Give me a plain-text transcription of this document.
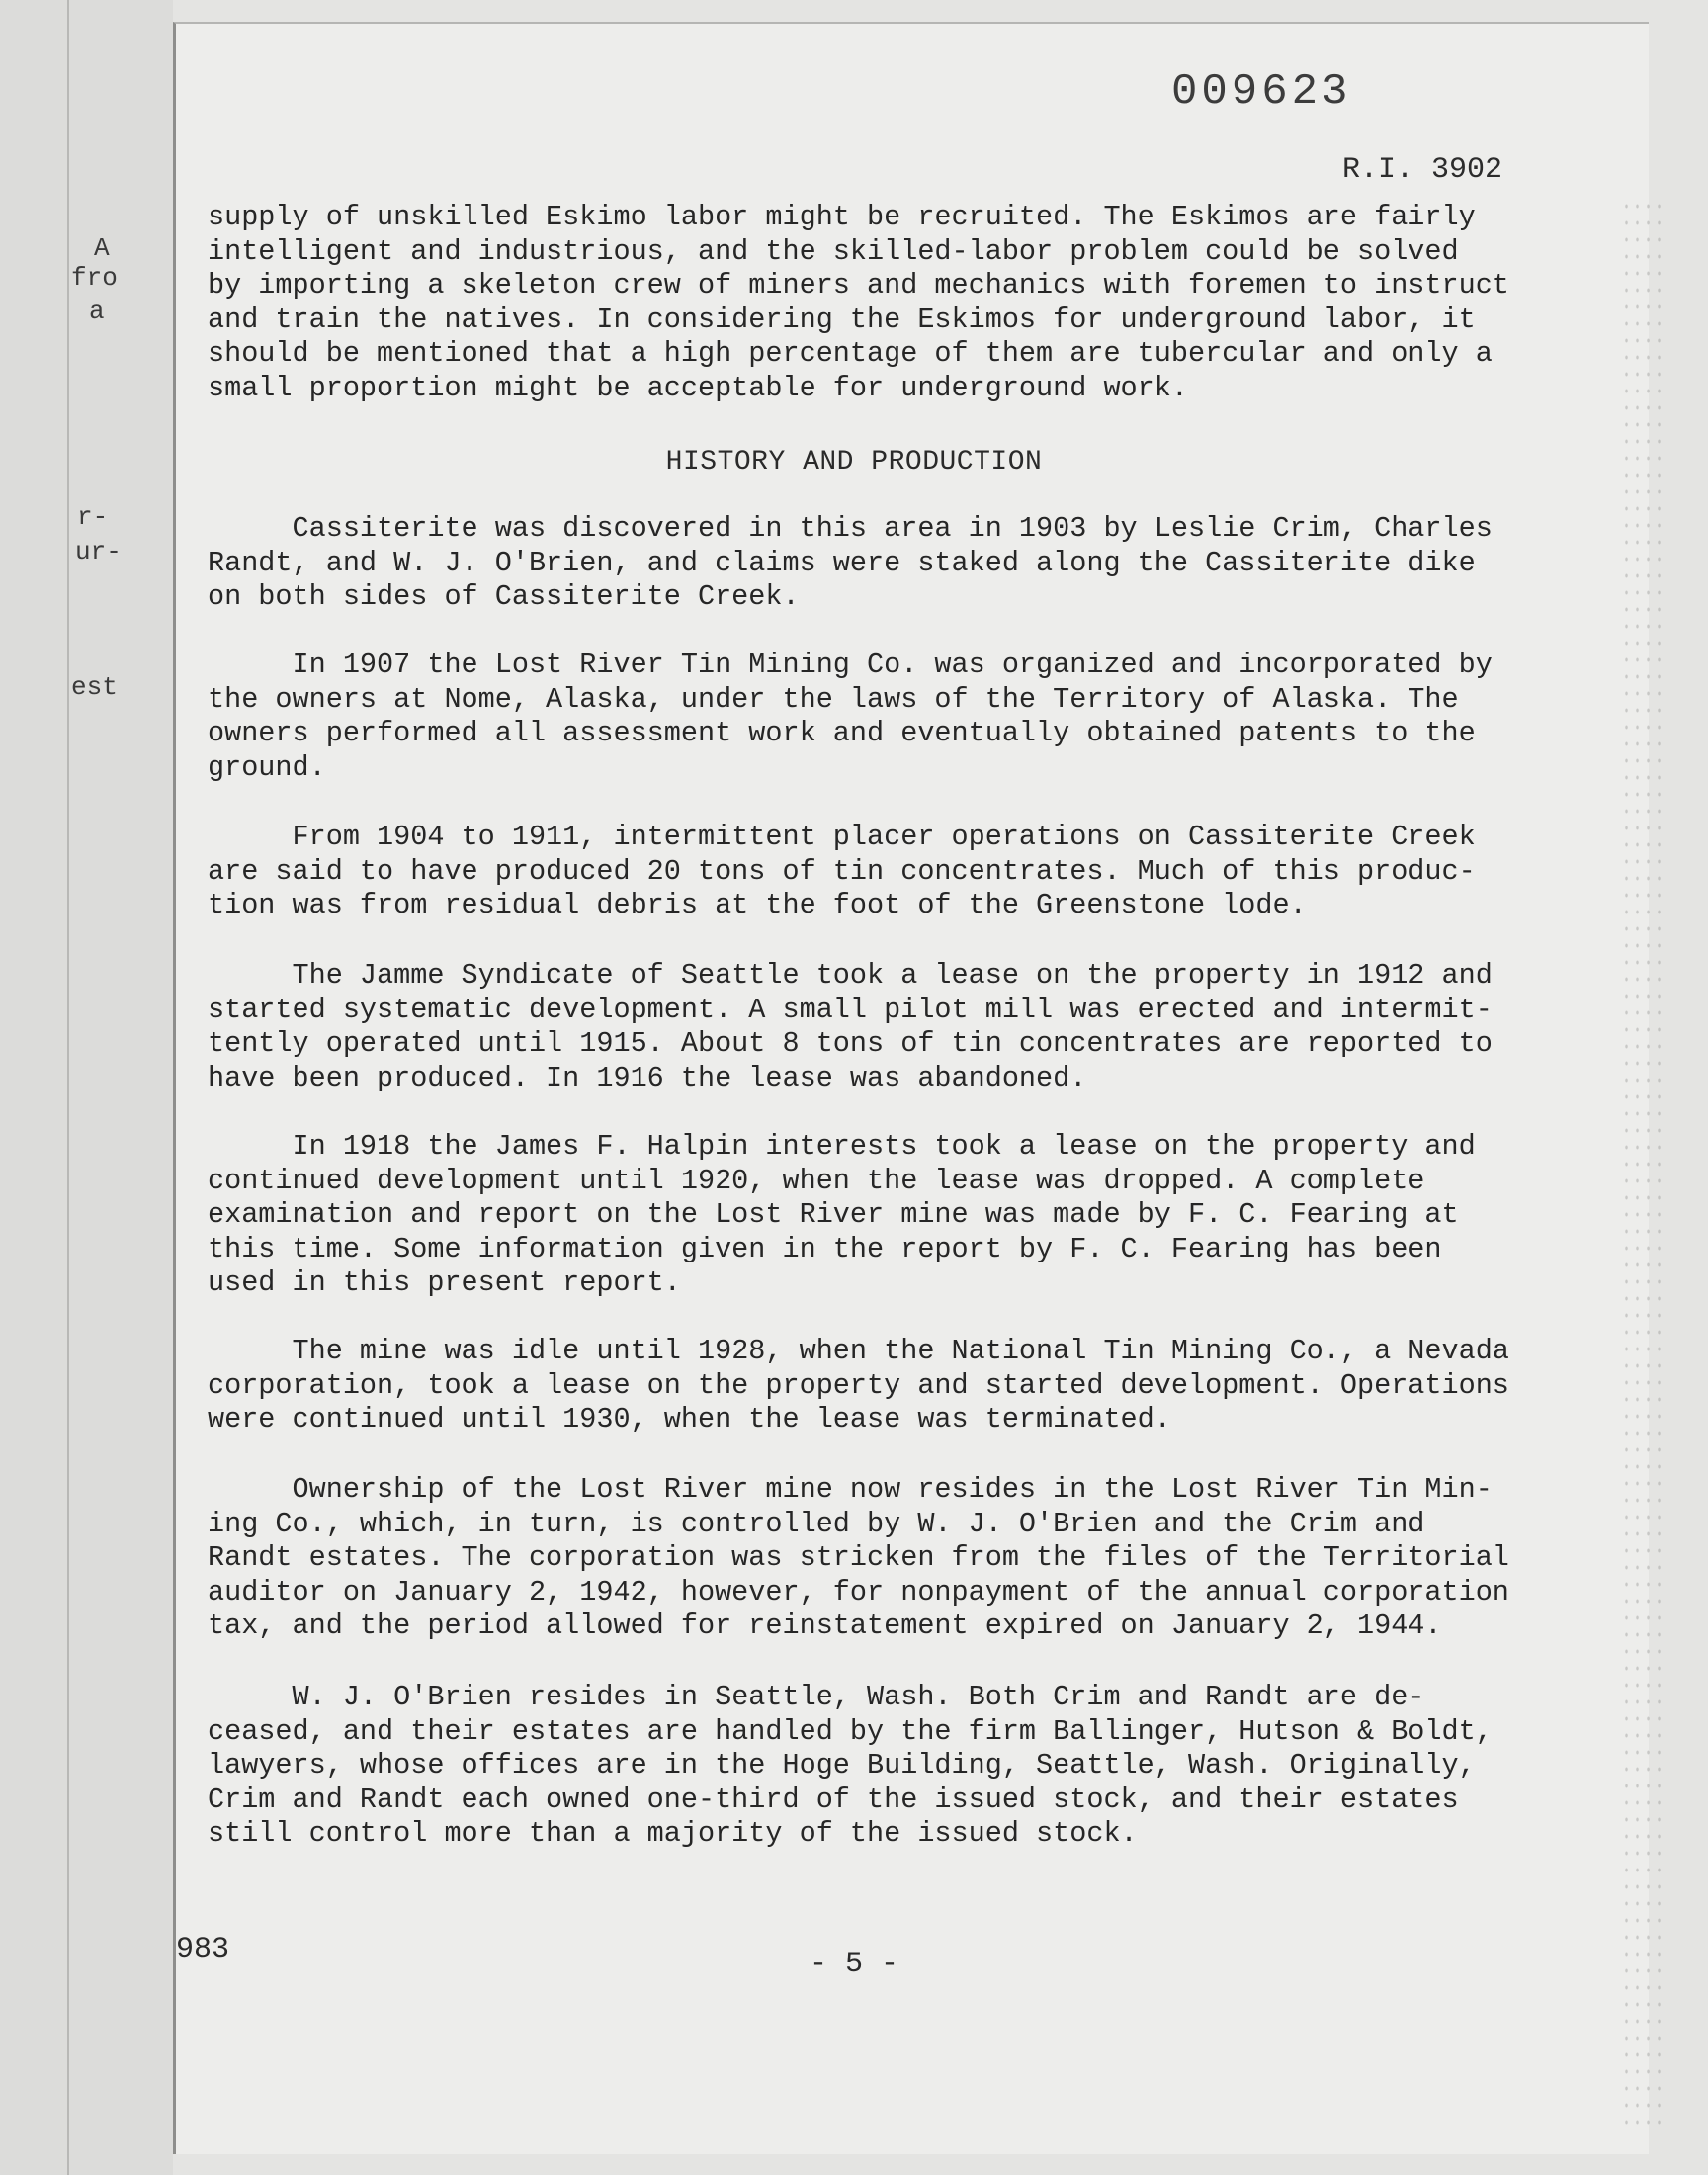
A
fro
a
r-
ur-
est
009623
R.I. 3902

supply of unskilled Eskimo labor might be recruited. The Eskimos are fairly
intelligent and industrious, and the skilled-labor problem could be solved
by importing a skeleton crew of miners and mechanics with foremen to instruct
and train the natives. In considering the Eskimos for underground labor, it
should be mentioned that a high percentage of them are tubercular and only a
small proportion might be acceptable for underground work.

HISTORY AND PRODUCTION

Cassiterite was discovered in this area in 1903 by Leslie Crim, Charles
Randt, and W. J. O'Brien, and claims were staked along the Cassiterite dike
on both sides of Cassiterite Creek.

In 1907 the Lost River Tin Mining Co. was organized and incorporated by
the owners at Nome, Alaska, under the laws of the Territory of Alaska. The
owners performed all assessment work and eventually obtained patents to the
ground.

From 1904 to 1911, intermittent placer operations on Cassiterite Creek
are said to have produced 20 tons of tin concentrates. Much of this produc-
tion was from residual debris at the foot of the Greenstone lode.

The Jamme Syndicate of Seattle took a lease on the property in 1912 and
started systematic development. A small pilot mill was erected and intermit-
tently operated until 1915. About 8 tons of tin concentrates are reported to
have been produced. In 1916 the lease was abandoned.

In 1918 the James F. Halpin interests took a lease on the property and
continued development until 1920, when the lease was dropped. A complete
examination and report on the Lost River mine was made by F. C. Fearing at
this time. Some information given in the report by F. C. Fearing has been
used in this present report.

The mine was idle until 1928, when the National Tin Mining Co., a Nevada
corporation, took a lease on the property and started development. Operations
were continued until 1930, when the lease was terminated.

Ownership of the Lost River mine now resides in the Lost River Tin Min-
ing Co., which, in turn, is controlled by W. J. O'Brien and the Crim and
Randt estates. The corporation was stricken from the files of the Territorial
auditor on January 2, 1942, however, for nonpayment of the annual corporation
tax, and the period allowed for reinstatement expired on January 2, 1944.

W. J. O'Brien resides in Seattle, Wash. Both Crim and Randt are de-
ceased, and their estates are handled by the firm Ballinger, Hutson & Boldt,
lawyers, whose offices are in the Hoge Building, Seattle, Wash. Originally,
Crim and Randt each owned one-third of the issued stock, and their estates
still control more than a majority of the issued stock.

983	- 5 -
